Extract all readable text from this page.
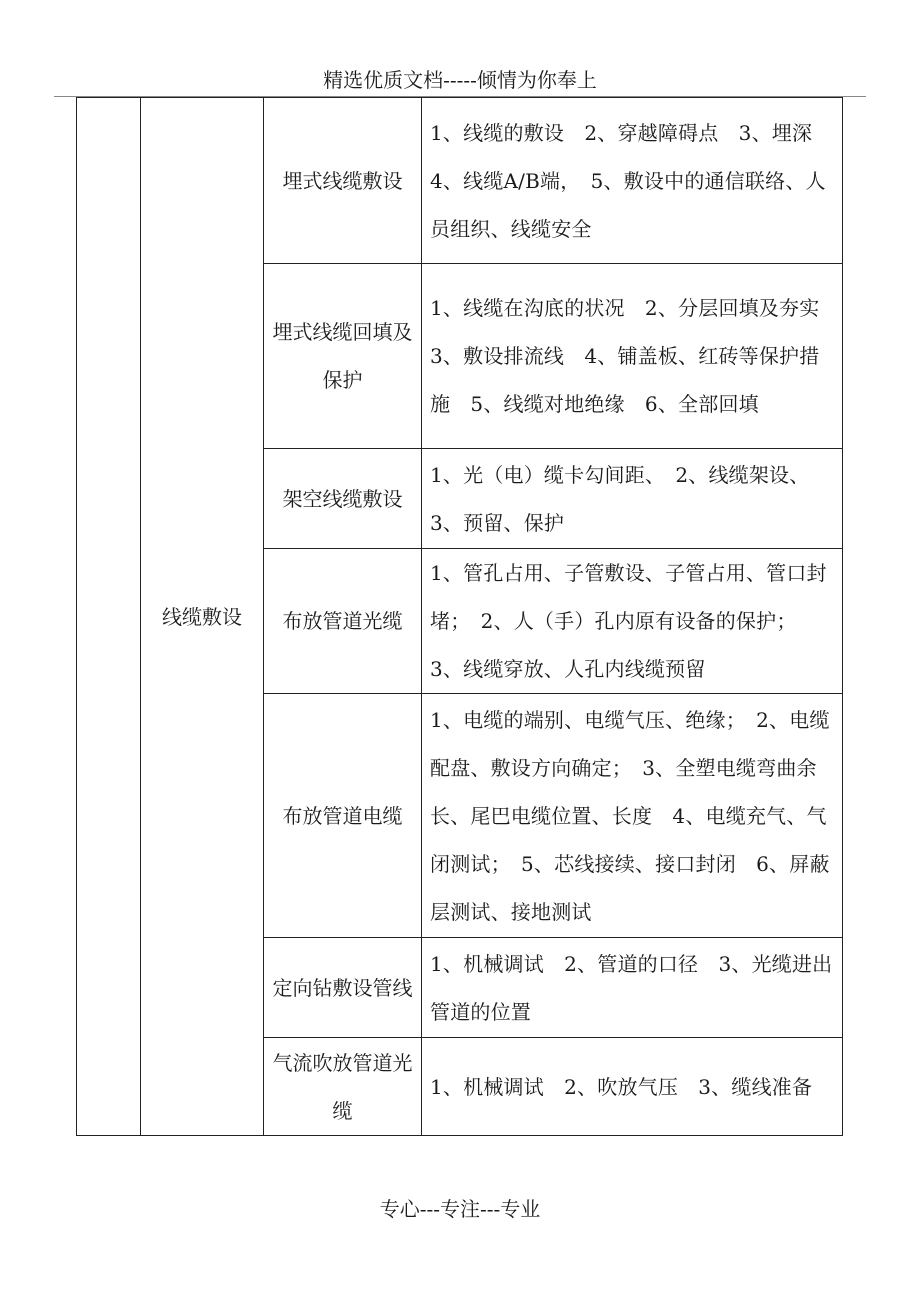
精选优质文档-----倾情为你奉上
	线缆敷设	埋式线缆敷设	1、线缆的敷设　2、穿越障碍点　3、埋深　4、线缆A/B端，　5、敷设中的通信联络、人员组织、线缆安全
		埋式线缆回填及保护	1、线缆在沟底的状况　2、分层回填及夯实　3、敷设排流线　4、铺盖板、红砖等保护措施　5、线缆对地绝缘　6、全部回填
		架空线缆敷设	1、光（电）缆卡勾间距、　2、线缆架设、　3、预留、保护
		布放管道光缆	1、管孔占用、子管敷设、子管占用、管口封堵；　2、人（手）孔内原有设备的保护；　3、线缆穿放、人孔内线缆预留
		布放管道电缆	1、电缆的端别、电缆气压、绝缘；　2、电缆配盘、敷设方向确定；　3、全塑电缆弯曲余长、尾巴电缆位置、长度　4、电缆充气、气闭测试；　5、芯线接续、接口封闭　6、屏蔽层测试、接地测试
		定向钻敷设管线	1、机械调试　2、管道的口径　3、光缆进出管道的位置
		气流吹放管道光缆	1、机械调试　2、吹放气压　3、缆线准备
专心---专注---专业
